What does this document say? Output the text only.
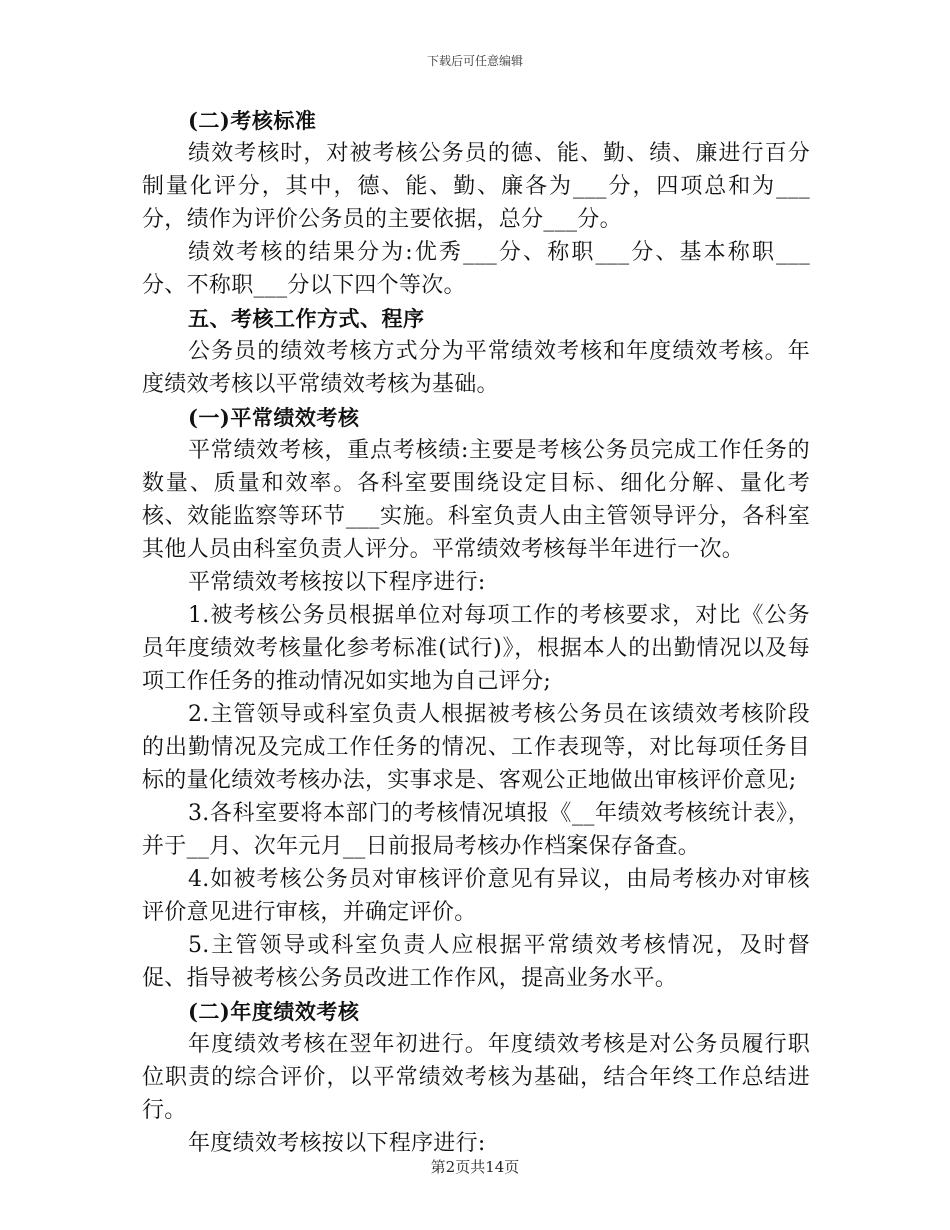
下载后可任意编辑

(二)考核标准

绩效考核时，对被考核公务员的德、能、勤、绩、廉进行百分制量化评分，其中，德、能、勤、廉各为___分，四项总和为___分，绩作为评价公务员的主要依据，总分___分。

绩效考核的结果分为:优秀___分、称职___分、基本称职___分、不称职___分以下四个等次。

五、考核工作方式、程序

公务员的绩效考核方式分为平常绩效考核和年度绩效考核。年度绩效考核以平常绩效考核为基础。

(一)平常绩效考核

平常绩效考核，重点考核绩:主要是考核公务员完成工作任务的数量、质量和效率。各科室要围绕设定目标、细化分解、量化考核、效能监察等环节___实施。科室负责人由主管领导评分，各科室其他人员由科室负责人评分。平常绩效考核每半年进行一次。

平常绩效考核按以下程序进行:

1.被考核公务员根据单位对每项工作的考核要求，对比《公务员年度绩效考核量化参考标准(试行)》，根据本人的出勤情况以及每项工作任务的推动情况如实地为自己评分;

2.主管领导或科室负责人根据被考核公务员在该绩效考核阶段的出勤情况及完成工作任务的情况、工作表现等，对比每项任务目标的量化绩效考核办法，实事求是、客观公正地做出审核评价意见;

3.各科室要将本部门的考核情况填报《__年绩效考核统计表》，并于__月、次年元月__日前报局考核办作档案保存备查。

4.如被考核公务员对审核评价意见有异议，由局考核办对审核评价意见进行审核，并确定评价。

5.主管领导或科室负责人应根据平常绩效考核情况，及时督促、指导被考核公务员改进工作作风，提高业务水平。

(二)年度绩效考核

年度绩效考核在翌年初进行。年度绩效考核是对公务员履行职位职责的综合评价，以平常绩效考核为基础，结合年终工作总结进行。

年度绩效考核按以下程序进行:

第2页共14页
